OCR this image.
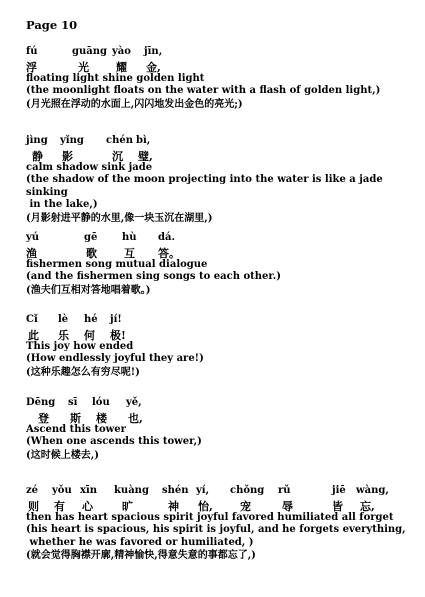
Page 10
fú	guāng yào jīn,
浮	光 耀 金,
floating light shine golden light
(the moonlight floats on the water with a flash of golden light,)
(月光照在浮动的水面上,闪闪地发出金色的亮光;)
jìng yǐng chén bì,
静 影	沉 璧,
calm shadow sink jade
(the shadow of the moon projecting into the water is like a jade sinking
in the lake,)
(月影射进平静的水里,像一块玉沉在湖里,)
yú	gē hù dá.
渔	歌 互 答。
fishermen song mutual dialogue
(and the fishermen sing songs to each other.)
(渔夫们互相对答地唱着歌。)
Cǐ lè hé jí!
此 乐 何 极!
This joy how ended
(How endlessly joyful they are!)
(这种乐趣怎么有穷尽呢!)
Dēng sī lóu yě,
登 斯 楼 也,
Ascend this tower
(When one ascends this tower,)
(这时候上楼去,)
zé yǒu xīn kuàng shén yí, chǒng rǔ	jiē wàng,
则 有 心	旷	神 怡, 宠	辱	皆 忘,
then has heart spacious spirit joyful favored humiliated all forget
(his heart is spacious, his spirit is joyful, and he forgets everything,
whether he was favored or humiliated, )
(就会觉得胸襟开廓,精神愉快,得意失意的事都忘了,)
